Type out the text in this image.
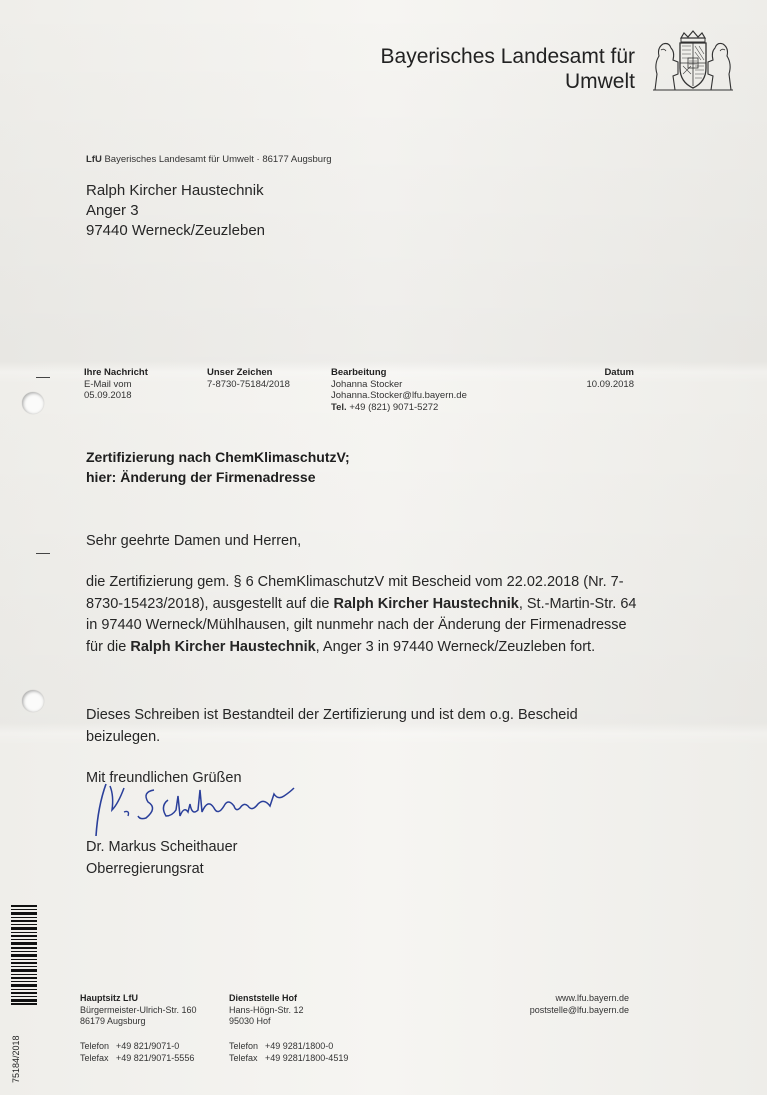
Bayerisches Landesamt für
Umwelt
LfU Bayerisches Landesamt für Umwelt · 86177 Augsburg
Ralph Kircher Haustechnik
Anger 3
97440 Werneck/Zeuzleben
Ihre Nachricht
E-Mail vom
05.09.2018
Unser Zeichen
7-8730-75184/2018
Bearbeitung
Johanna Stocker
Johanna.Stocker@lfu.bayern.de
Tel. +49 (821) 9071-5272
Datum
10.09.2018
Zertifizierung nach ChemKlimaschutzV;
hier: Änderung der Firmenadresse
Sehr geehrte Damen und Herren,

die Zertifizierung gem. § 6 ChemKlimaschutzV mit Bescheid vom 22.02.2018 (Nr. 7-8730-15423/2018), ausgestellt auf die Ralph Kircher Haustechnik, St.-Martin-Str. 64 in 97440 Werneck/Mühlhausen, gilt nunmehr nach der Änderung der Firmenadresse für die Ralph Kircher Haustechnik, Anger 3 in 97440 Werneck/Zeuzleben fort.

Dieses Schreiben ist Bestandteil der Zertifizierung und ist dem o.g. Bescheid beizulegen.

Mit freundlichen Grüßen
Dr. Markus Scheithauer
Oberregierungsrat
75184/2018
Hauptsitz LfU
Bürgermeister-Ulrich-Str. 160
86179 Augsburg
Dienststelle Hof
Hans-Högn-Str. 12
95030 Hof
www.lfu.bayern.de
poststelle@lfu.bayern.de
Telefon +49 821/9071-0
Telefax +49 821/9071-5556
Telefon +49 9281/1800-0
Telefax +49 9281/1800-4519
